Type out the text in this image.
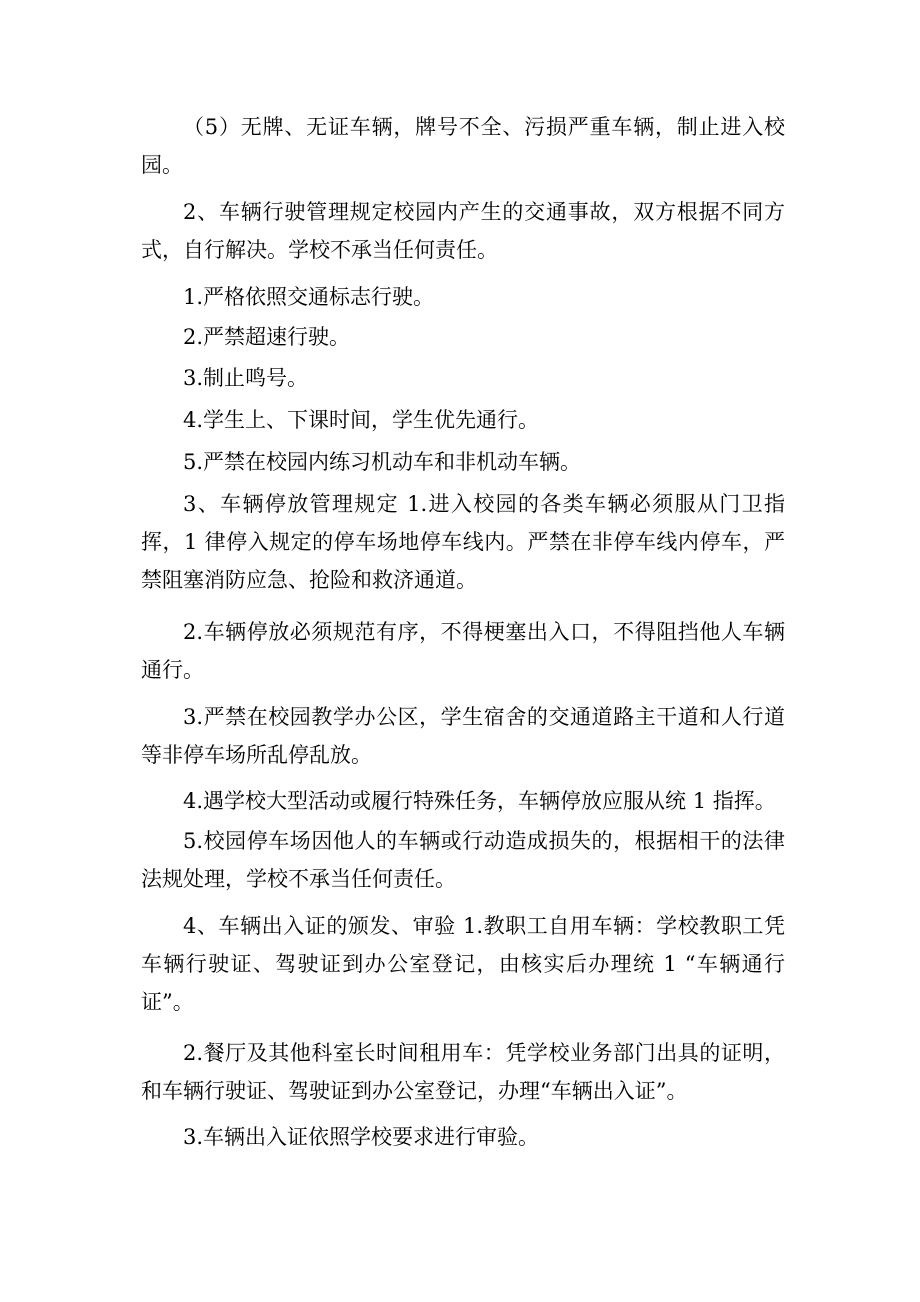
（5）无牌、无证车辆，牌号不全、污损严重车辆，制止进入校园。

2、车辆行驶管理规定校园内产生的交通事故，双方根据不同方式，自行解决。学校不承当任何责任。

1.严格依照交通标志行驶。

2.严禁超速行驶。

3.制止鸣号。

4.学生上、下课时间，学生优先通行。

5.严禁在校园内练习机动车和非机动车辆。

3、车辆停放管理规定 1.进入校园的各类车辆必须服从门卫指挥，1 律停入规定的停车场地停车线内。严禁在非停车线内停车，严禁阻塞消防应急、抢险和救济通道。

2.车辆停放必须规范有序，不得梗塞出入口，不得阻挡他人车辆通行。

3.严禁在校园教学办公区，学生宿舍的交通道路主干道和人行道等非停车场所乱停乱放。

4.遇学校大型活动或履行特殊任务，车辆停放应服从统 1 指挥。

5.校园停车场因他人的车辆或行动造成损失的，根据相干的法律法规处理，学校不承当任何责任。

4、车辆出入证的颁发、审验 1.教职工自用车辆：学校教职工凭车辆行驶证、驾驶证到办公室登记，由核实后办理统 1 “车辆通行证”。

2.餐厅及其他科室长时间租用车：凭学校业务部门出具的证明，和车辆行驶证、驾驶证到办公室登记，办理“车辆出入证”。

3.车辆出入证依照学校要求进行审验。
